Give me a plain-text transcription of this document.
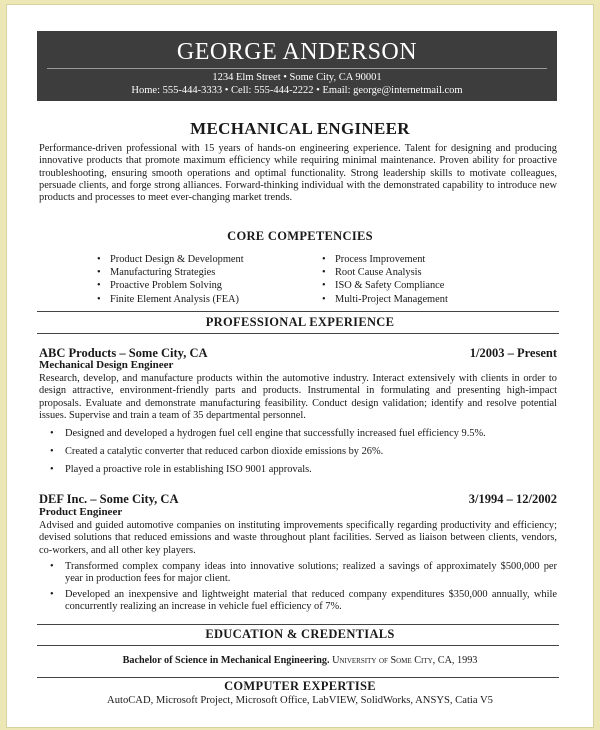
GEORGE ANDERSON
1234 Elm Street • Some City, CA 90001
Home: 555-444-3333 • Cell: 555-444-2222 • Email: george@internetmail.com
MECHANICAL ENGINEER
Performance-driven professional with 15 years of hands-on engineering experience. Talent for designing and producing innovative products that promote maximum efficiency while requiring minimal maintenance. Proven ability for proactive troubleshooting, ensuring smooth operations and optimal functionality. Strong leadership skills to motivate colleagues, persuade clients, and forge strong alliances. Forward-thinking individual with the demonstrated capability to introduce new products and processes to meet ever-changing market trends.
CORE COMPETENCIES
• Product Design & Development
• Manufacturing Strategies
• Proactive Problem Solving
• Finite Element Analysis (FEA)
• Process Improvement
• Root Cause Analysis
• ISO & Safety Compliance
• Multi-Project Management
PROFESSIONAL EXPERIENCE
ABC Products – Some City, CA	1/2003 – Present
Mechanical Design Engineer
Research, develop, and manufacture products within the automotive industry. Interact extensively with clients in order to design attractive, environment-friendly parts and products. Instrumental in formulating and presenting high-impact proposals. Evaluate and demonstrate manufacturing feasibility. Conduct design validation; identify and resolve potential issues. Supervise and train a team of 35 departmental personnel.
• Designed and developed a hydrogen fuel cell engine that successfully increased fuel efficiency 9.5%.
• Created a catalytic converter that reduced carbon dioxide emissions by 26%.
• Played a proactive role in establishing ISO 9001 approvals.
DEF Inc. – Some City, CA	3/1994 – 12/2002
Product Engineer
Advised and guided automotive companies on instituting improvements specifically regarding productivity and efficiency; devised solutions that reduced emissions and waste throughout plant facilities. Served as liaison between clients, vendors, co-workers, and all other key players.
• Transformed complex company ideas into innovative solutions; realized a savings of approximately $500,000 per year in production fees for major client.
• Developed an inexpensive and lightweight material that reduced company expenditures $350,000 annually, while concurrently realizing an increase in vehicle fuel efficiency of 7%.
EDUCATION & CREDENTIALS
Bachelor of Science in Mechanical Engineering. University of Some City, CA, 1993
COMPUTER EXPERTISE
AutoCAD, Microsoft Project, Microsoft Office, LabVIEW, SolidWorks, ANSYS, Catia V5
